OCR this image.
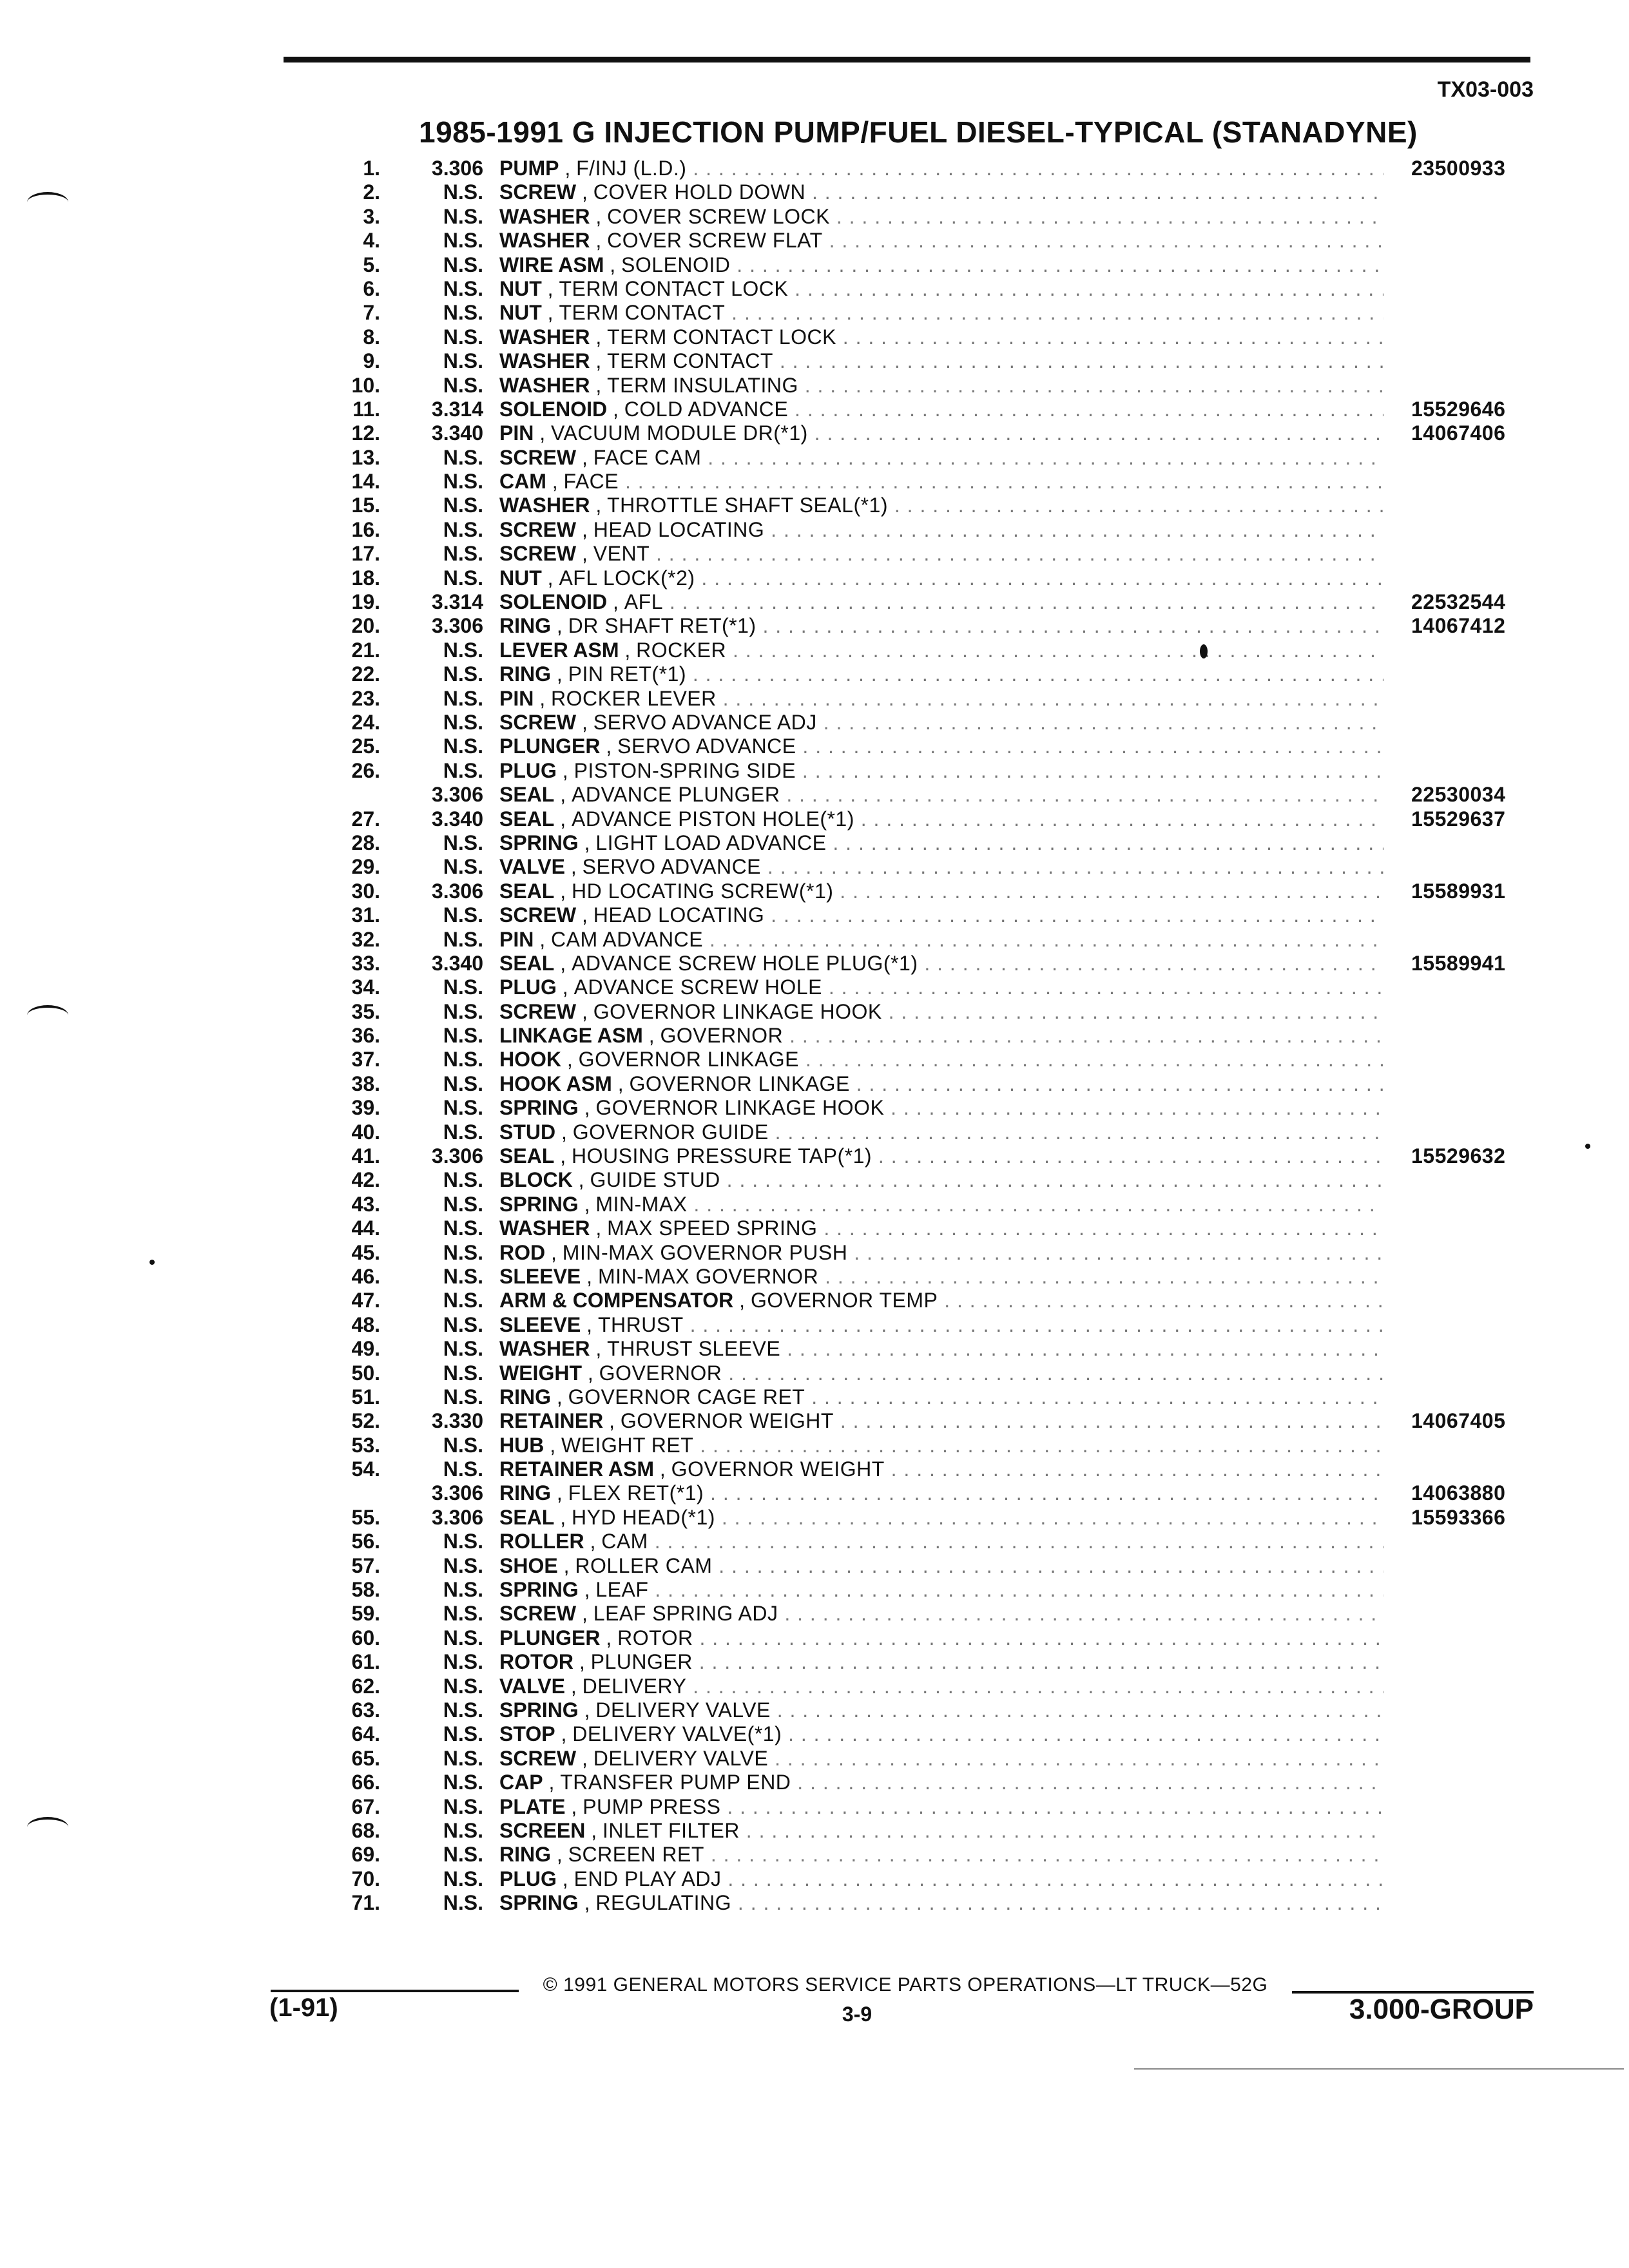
TX03-003
1985-1991 G INJECTION PUMP/FUEL DIESEL-TYPICAL (STANADYNE)
1.	3.306 PUMP , F/INJ (L.D.) . . .	23500933
2.	N.S. SCREW , COVER HOLD DOWN . . .
3.	N.S. WASHER , COVER SCREW LOCK . . .
4.	N.S. WASHER , COVER SCREW FLAT . . .
5.	N.S. WIRE ASM , SOLENOID . . .
6.	N.S. NUT , TERM CONTACT LOCK . . .
7.	N.S. NUT , TERM CONTACT . . .
8.	N.S. WASHER , TERM CONTACT LOCK . . .
9.	N.S. WASHER , TERM CONTACT . . .
10.	N.S. WASHER , TERM INSULATING . . .
11.	3.314 SOLENOID , COLD ADVANCE . . .	15529646
12.	3.340 PIN , VACUUM MODULE DR(*1) . . .	14067406
13.	N.S. SCREW , FACE CAM . . .
14.	N.S. CAM , FACE . . .
15.	N.S. WASHER , THROTTLE SHAFT SEAL(*1) . . .
16.	N.S. SCREW , HEAD LOCATING . . .
17.	N.S. SCREW , VENT . . .
18.	N.S. NUT , AFL LOCK(*2) . . .
19.	3.314 SOLENOID , AFL . . .	22532544
20.	3.306 RING , DR SHAFT RET(*1) . . .	14067412
21.	N.S. LEVER ASM , ROCKER . . .
22.	N.S. RING , PIN RET(*1) . . .
23.	N.S. PIN , ROCKER LEVER . . .
24.	N.S. SCREW , SERVO ADVANCE ADJ . . .
25.	N.S. PLUNGER , SERVO ADVANCE . . .
26.	N.S. PLUG , PISTON-SPRING SIDE . . .
3.306 SEAL , ADVANCE PLUNGER . . .	22530034
27.	3.340 SEAL , ADVANCE PISTON HOLE(*1) . . .	15529637
28.	N.S. SPRING , LIGHT LOAD ADVANCE . . .
29.	N.S. VALVE , SERVO ADVANCE . . .
30.	3.306 SEAL , HD LOCATING SCREW(*1) . . .	15589931
31.	N.S. SCREW , HEAD LOCATING . . .
32.	N.S. PIN , CAM ADVANCE . . .
33.	3.340 SEAL , ADVANCE SCREW HOLE PLUG(*1) . . .	15589941
34.	N.S. PLUG , ADVANCE SCREW HOLE . . .
35.	N.S. SCREW , GOVERNOR LINKAGE HOOK . . .
36.	N.S. LINKAGE ASM , GOVERNOR . . .
37.	N.S. HOOK , GOVERNOR LINKAGE . . .
38.	N.S. HOOK ASM , GOVERNOR LINKAGE . . .
39.	N.S. SPRING , GOVERNOR LINKAGE HOOK . . .
40.	N.S. STUD , GOVERNOR GUIDE . . .
41.	3.306 SEAL , HOUSING PRESSURE TAP(*1) . . .	15529632
42.	N.S. BLOCK , GUIDE STUD . . .
43.	N.S. SPRING , MIN-MAX . . .
44.	N.S. WASHER , MAX SPEED SPRING . . .
45.	N.S. ROD , MIN-MAX GOVERNOR PUSH . . .
46.	N.S. SLEEVE , MIN-MAX GOVERNOR . . .
47.	N.S. ARM & COMPENSATOR , GOVERNOR TEMP . . .
48.	N.S. SLEEVE , THRUST . . .
49.	N.S. WASHER , THRUST SLEEVE . . .
50.	N.S. WEIGHT , GOVERNOR . . .
51.	N.S. RING , GOVERNOR CAGE RET . . .
52.	3.330 RETAINER , GOVERNOR WEIGHT . . .	14067405
53.	N.S. HUB , WEIGHT RET . . .
54.	N.S. RETAINER ASM , GOVERNOR WEIGHT . . .
3.306 RING , FLEX RET(*1) . . .	14063880
55.	3.306 SEAL , HYD HEAD(*1) . . .	15593366
56.	N.S. ROLLER , CAM . . .
57.	N.S. SHOE , ROLLER CAM . . .
58.	N.S. SPRING , LEAF . . .
59.	N.S. SCREW , LEAF SPRING ADJ . . .
60.	N.S. PLUNGER , ROTOR . . .
61.	N.S. ROTOR , PLUNGER . . .
62.	N.S. VALVE , DELIVERY . . .
63.	N.S. SPRING , DELIVERY VALVE . . .
64.	N.S. STOP , DELIVERY VALVE(*1) . . .
65.	N.S. SCREW , DELIVERY VALVE . . .
66.	N.S. CAP , TRANSFER PUMP END . . .
67.	N.S. PLATE , PUMP PRESS . . .
68.	N.S. SCREEN , INLET FILTER . . .
69.	N.S. RING , SCREEN RET . . .
70.	N.S. PLUG , END PLAY ADJ . . .
71.	N.S. SPRING , REGULATING . . .
© 1991 GENERAL MOTORS SERVICE PARTS OPERATIONS—LT TRUCK—52G
(1-91)	3-9	3.000-GROUP
